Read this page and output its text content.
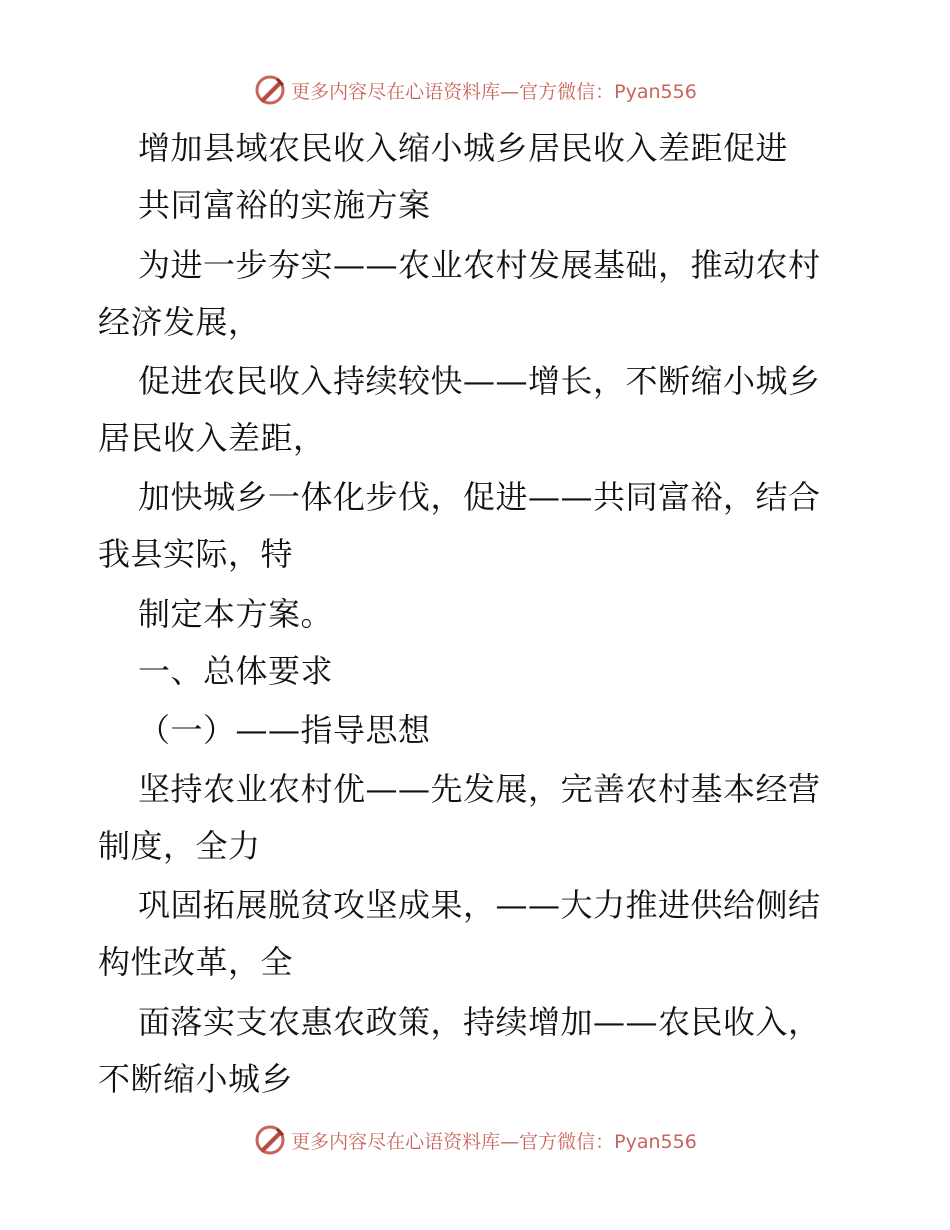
更多内容尽在心语资料库—官方微信：Pyan556
增加县域农民收入缩小城乡居民收入差距促进
共同富裕的实施方案
为进一步夯实——农业农村发展基础，推动农村
经济发展，
促进农民收入持续较快——增长，不断缩小城乡
居民收入差距，
加快城乡一体化步伐，促进——共同富裕，结合
我县实际，特
制定本方案。
一、总体要求
（一）——指导思想
坚持农业农村优——先发展，完善农村基本经营
制度，全力
巩固拓展脱贫攻坚成果，——大力推进供给侧结
构性改革，全
面落实支农惠农政策，持续增加——农民收入，
不断缩小城乡
更多内容尽在心语资料库—官方微信：Pyan556
